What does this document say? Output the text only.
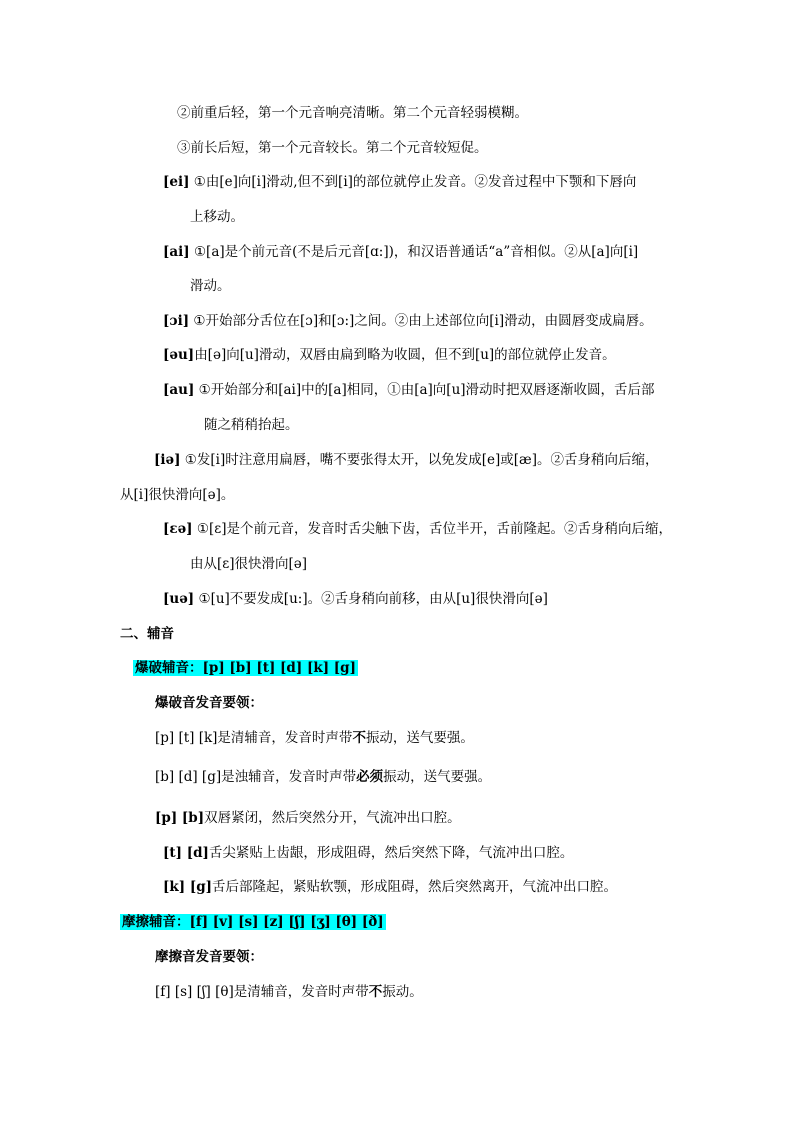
②前重后轻，第一个元音响亮清晰。第二个元音轻弱模糊。
③前长后短，第一个元音较长。第二个元音较短促。
[ei] ①由[e]向[i]滑动,但不到[i]的部位就停止发音。②发音过程中下颚和下唇向
上移动。
[ai] ①[a]是个前元音(不是后元音[ɑ:])，和汉语普通话“a”音相似。②从[a]向[i]
滑动。
[ɔi] ①开始部分舌位在[ɔ]和[ɔ:]之间。②由上述部位向[i]滑动，由圆唇变成扁唇。
[əu]由[ə]向[u]滑动，双唇由扁到略为收圆，但不到[u]的部位就停止发音。
[au] ①开始部分和[ai]中的[a]相同，①由[a]向[u]滑动时把双唇逐渐收圆，舌后部
随之稍稍抬起。
[iə] ①发[i]时注意用扁唇，嘴不要张得太开，以免发成[e]或[æ]。②舌身稍向后缩，
从[i]很快滑向[ə]。
[ɛə] ①[ɛ]是个前元音，发音时舌尖触下齿，舌位半开，舌前隆起。②舌身稍向后缩，
由从[ɛ]很快滑向[ə]
[uə] ①[u]不要发成[u:]。②舌身稍向前移，由从[u]很快滑向[ə]
二、辅音
爆破辅音：[p] [b] [t] [d] [k] [g]
爆破音发音要领：
[p] [t] [k]是清辅音，发音时声带不振动，送气要强。
[b] [d] [g]是浊辅音，发音时声带必须振动，送气要强。
[p] [b]双唇紧闭，然后突然分开，气流冲出口腔。
[t] [d]舌尖紧贴上齿龈，形成阻碍，然后突然下降，气流冲出口腔。
[k] [g]舌后部隆起，紧贴软颚，形成阻碍，然后突然离开，气流冲出口腔。
摩擦辅音：[f] [v] [s] [z] [ʃ] [ʒ] [θ] [ð]
摩擦音发音要领：
[f] [s] [ʃ] [θ]是清辅音，发音时声带不振动。
